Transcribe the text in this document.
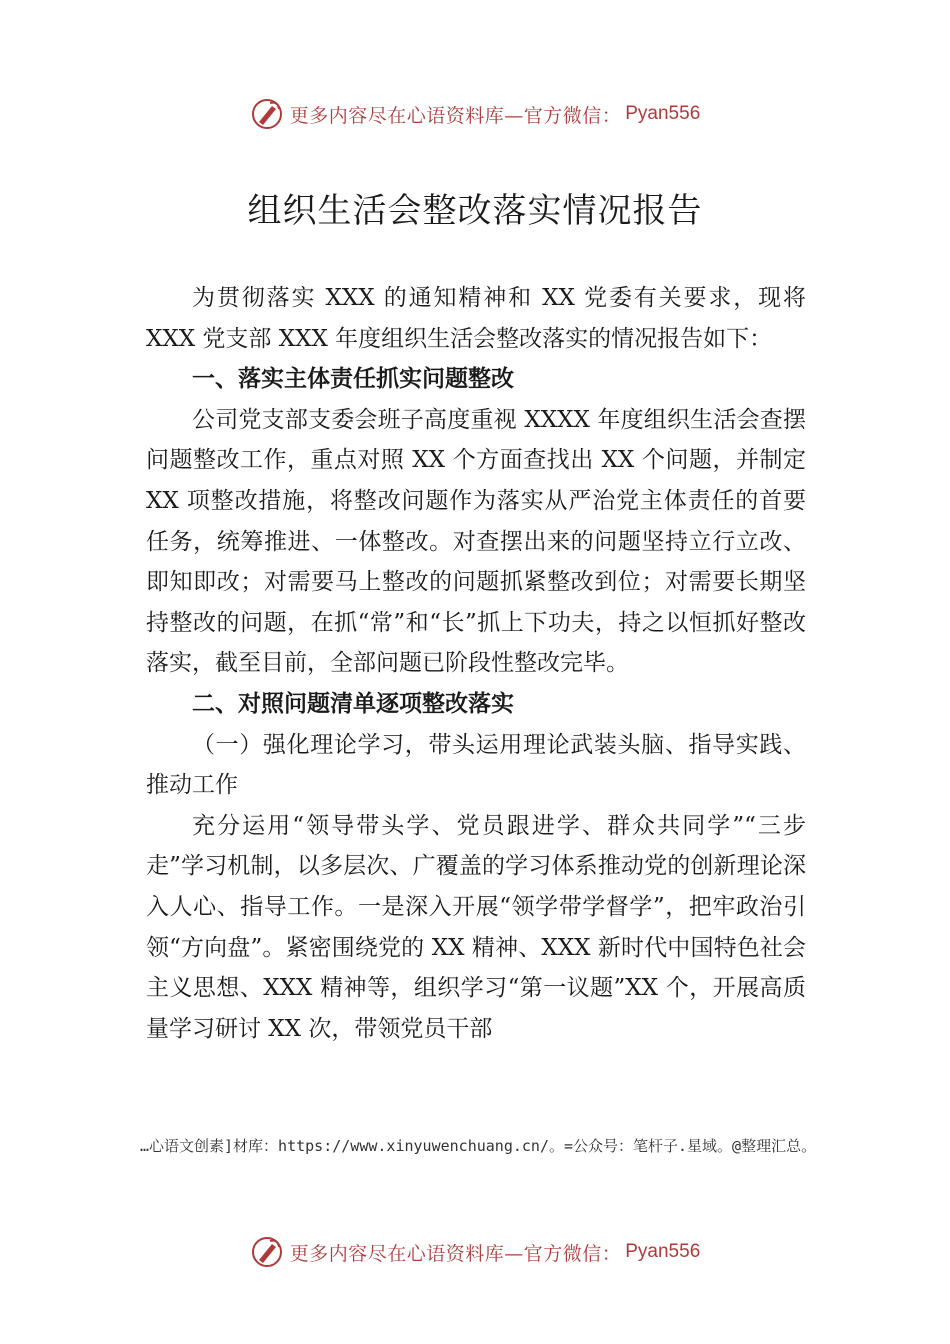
更多内容尽在心语资料库—官方微信： Pyan556
组织生活会整改落实情况报告

为贯彻落实 XXX 的通知精神和 XX 党委有关要求，现将 XXX 党支部 XXX 年度组织生活会整改落实的情况报告如下：

一、落实主体责任抓实问题整改

公司党支部支委会班子高度重视 XXXX 年度组织生活会查摆问题整改工作，重点对照 XX 个方面查找出 XX 个问题，并制定 XX 项整改措施，将整改问题作为落实从严治党主体责任的首要任务，统筹推进、一体整改。对查摆出来的问题坚持立行立改、即知即改；对需要马上整改的问题抓紧整改到位；对需要长期坚持整改的问题，在抓“常”和“长”抓上下功夫，持之以恒抓好整改落实，截至目前，全部问题已阶段性整改完毕。

二、对照问题清单逐项整改落实

（一）强化理论学习，带头运用理论武装头脑、指导实践、推动工作

充分运用“领导带头学、党员跟进学、群众共同学”“三步走”学习机制，以多层次、广覆盖的学习体系推动党的创新理论深入人心、指导工作。一是深入开展“领学带学督学”，把牢政治引领“方向盘”。紧密围绕党的 XX 精神、XXX 新时代中国特色社会主义思想、XXX 精神等，组织学习“第一议题”XX 个，开展高质量学习研讨 XX 次，带领党员干部

…心语文创素]材库：https://www.xinyuwenchuang.cn/。=公众号：笔杆子.星域。@整理汇总。
更多内容尽在心语资料库—官方微信： Pyan556
